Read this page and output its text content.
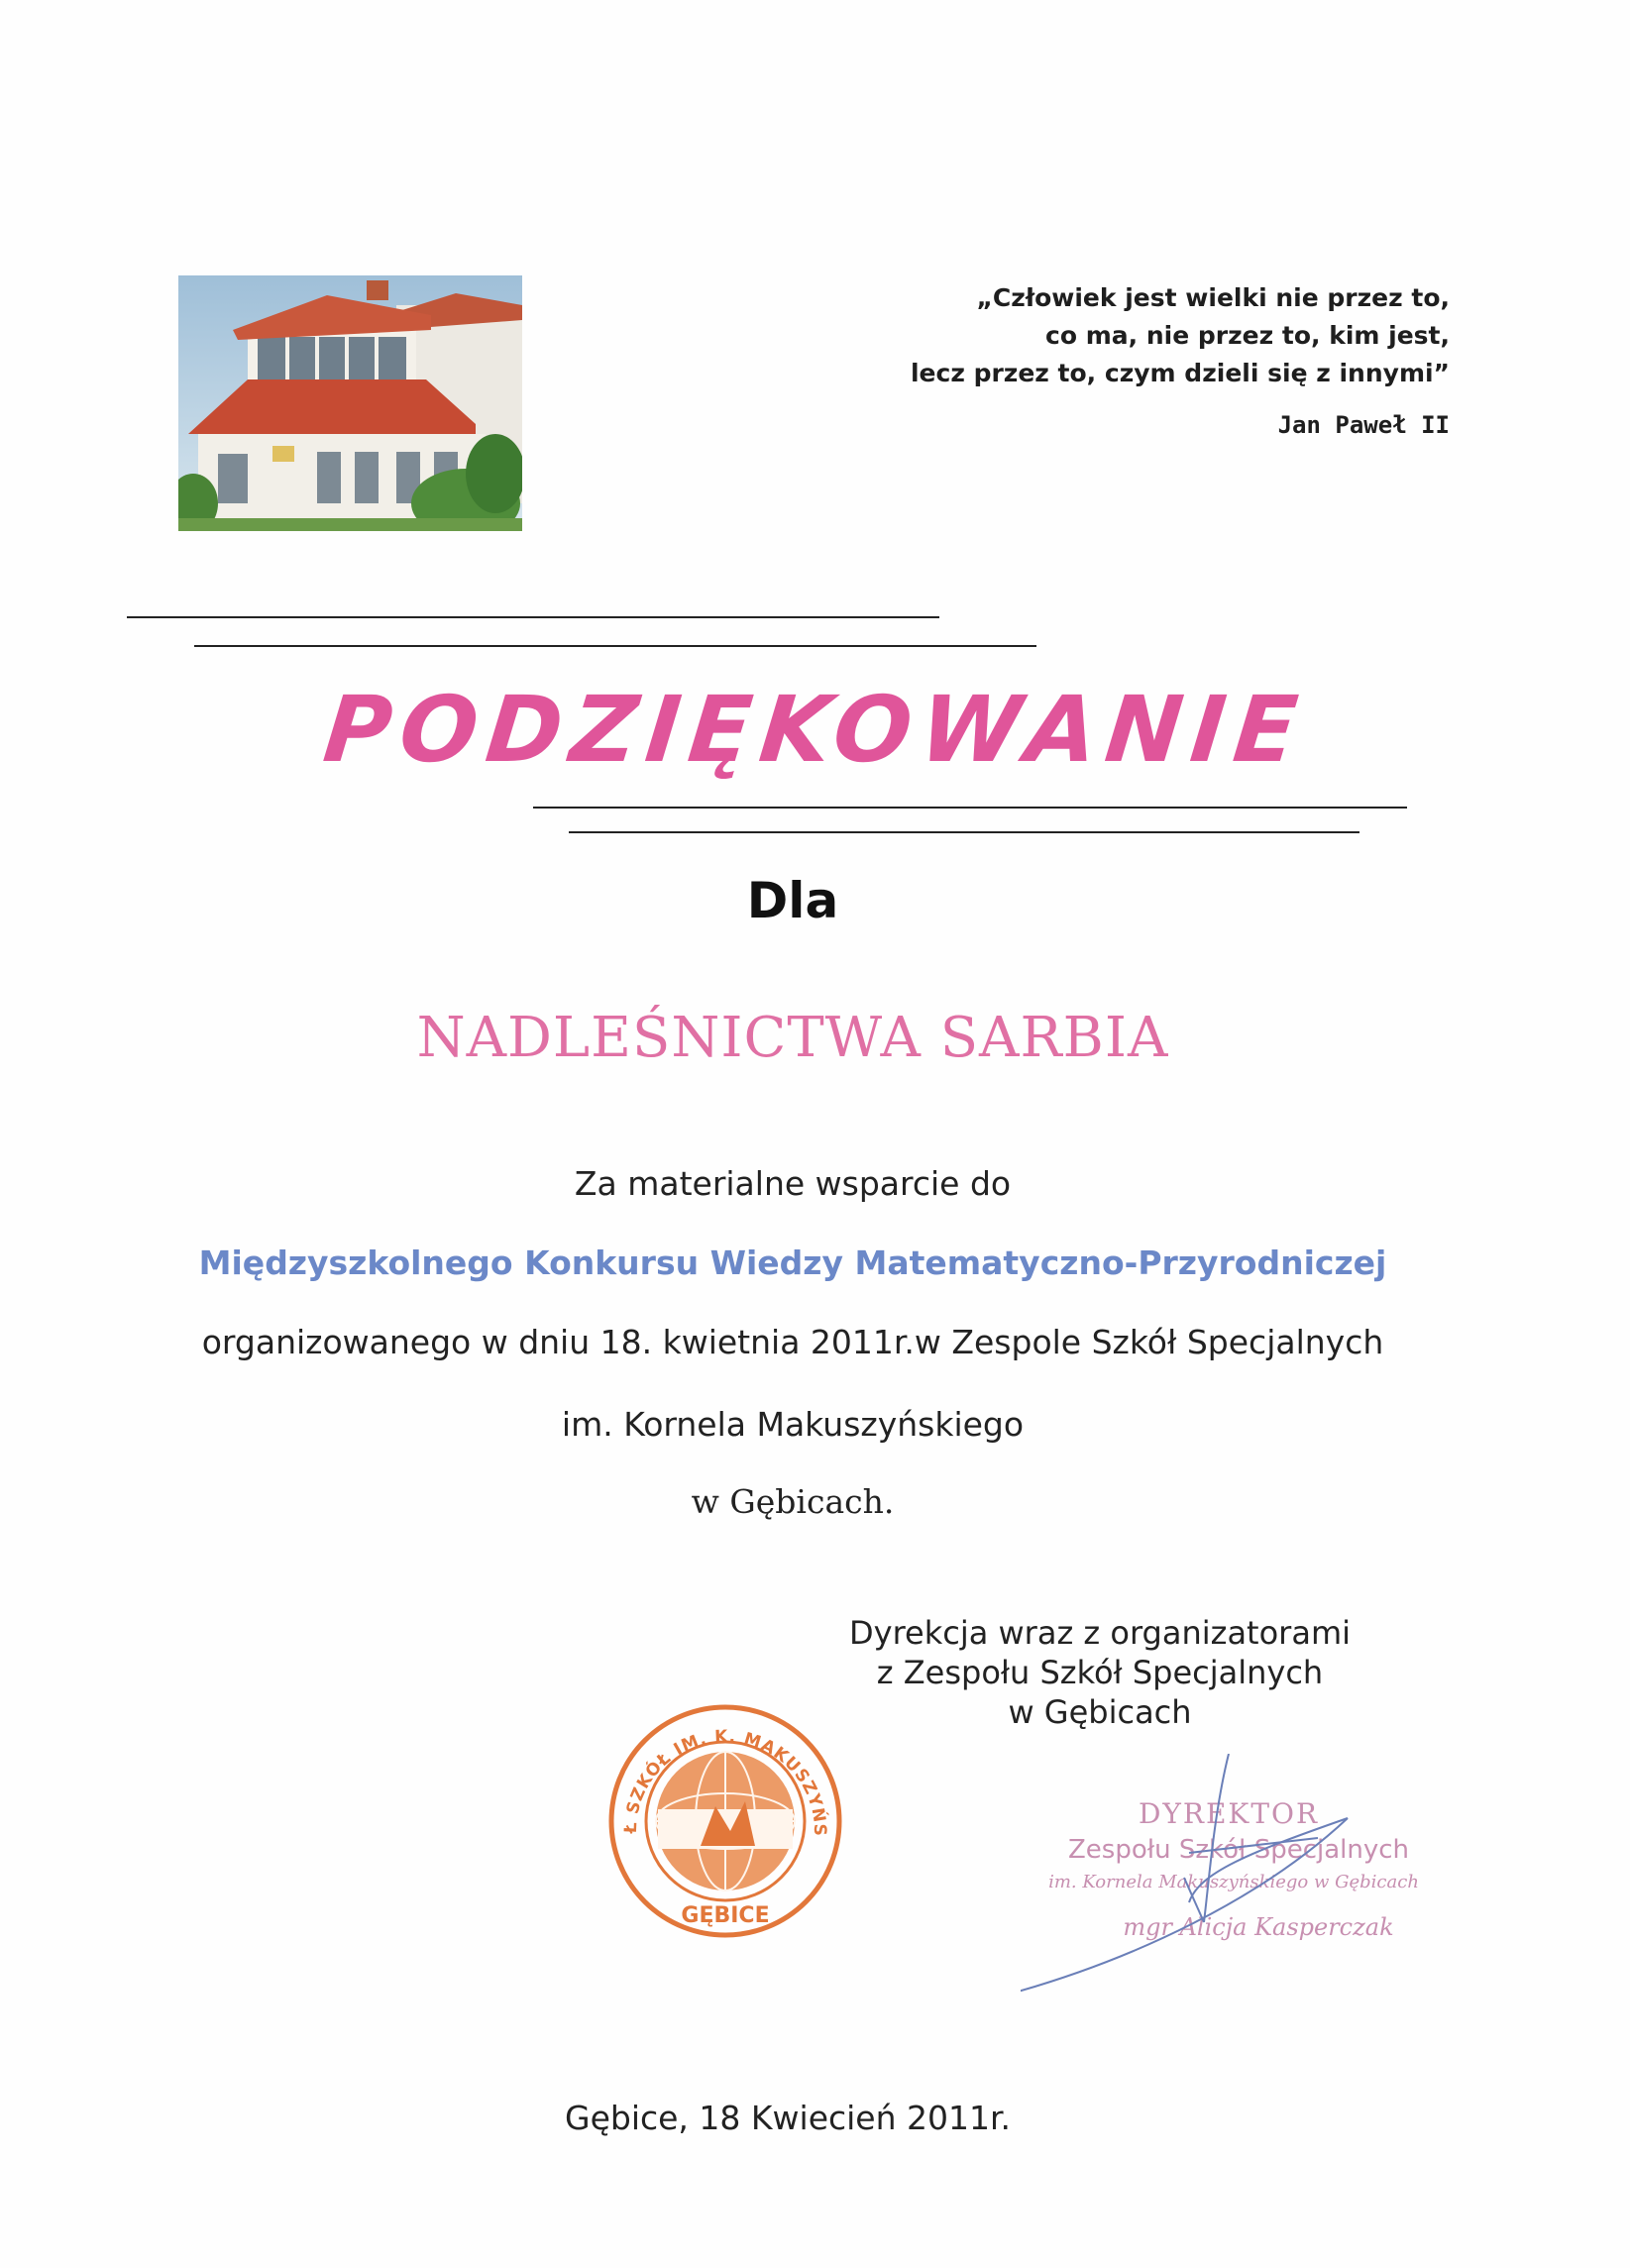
„Człowiek jest wielki nie przez to,
co ma, nie przez to, kim jest,
lecz przez to, czym dzieli się z innymi”
Jan Paweł II
PODZIĘKOWANIE
Dla
NADLEŚNICTWA SARBIA
Za materialne wsparcie do
Międzyszkolnego Konkursu Wiedzy Matematyczno-Przyrodniczej
organizowanego w dniu 18. kwietnia 2011r.w Zespole Szkół Specjalnych
im. Kornela Makuszyńskiego
w Gębicach.
Dyrekcja wraz z organizatorami
z Zespołu Szkół Specjalnych
w Gębicach
Ł SZKÓŁ IM. K. MAKUSZYŃS
GĘBICE
DYREKTOR
Zespołu Szkół Specjalnych
im. Kornela Makuszyńskiego w Gębicach
mgr Alicja Kasperczak
Gębice, 18 Kwiecień 2011r.
